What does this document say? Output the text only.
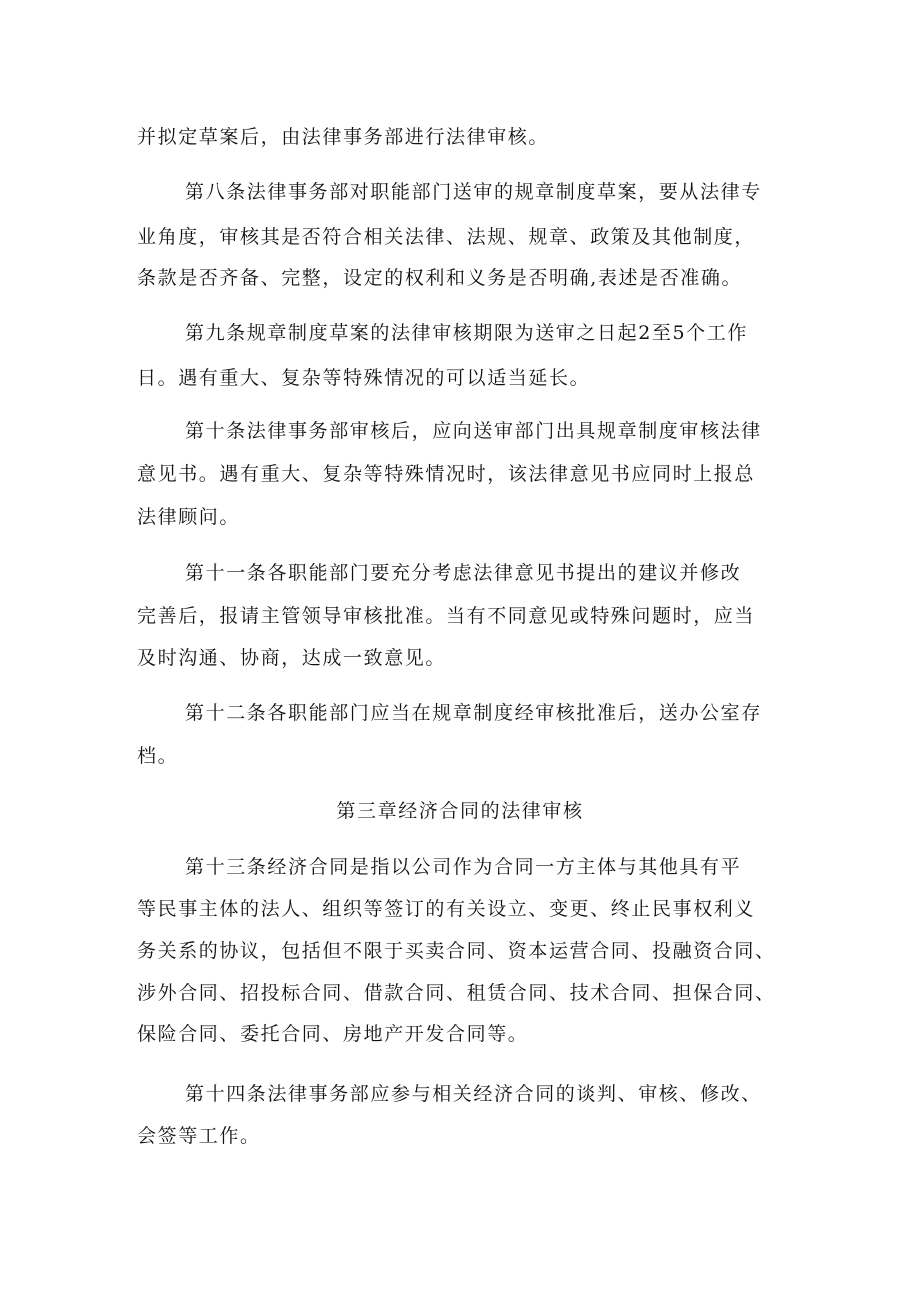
并拟定草案后，由法律事务部进行法律审核。
第八条法律事务部对职能部门送审的规章制度草案，要从法律专
业角度，审核其是否符合相关法律、法规、规章、政策及其他制度，
条款是否齐备、完整，设定的权利和义务是否明确,表述是否准确。
第九条规章制度草案的法律审核期限为送审之日起2至5个工作
日。遇有重大、复杂等特殊情况的可以适当延长。
第十条法律事务部审核后，应向送审部门出具规章制度审核法律
意见书。遇有重大、复杂等特殊情况时，该法律意见书应同时上报总
法律顾问。
第十一条各职能部门要充分考虑法律意见书提出的建议并修改
完善后，报请主管领导审核批准。当有不同意见或特殊问题时，应当
及时沟通、协商，达成一致意见。
第十二条各职能部门应当在规章制度经审核批准后，送办公室存
档。
第三章经济合同的法律审核
第十三条经济合同是指以公司作为合同一方主体与其他具有平
等民事主体的法人、组织等签订的有关设立、变更、终止民事权利义
务关系的协议，包括但不限于买卖合同、资本运营合同、投融资合同、
涉外合同、招投标合同、借款合同、租赁合同、技术合同、担保合同、
保险合同、委托合同、房地产开发合同等。
第十四条法律事务部应参与相关经济合同的谈判、审核、修改、
会签等工作。
